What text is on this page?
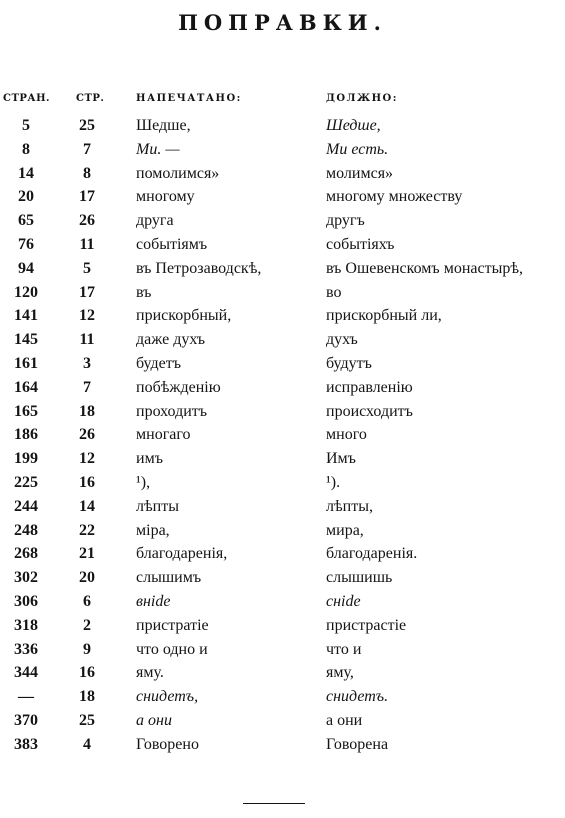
ПОПРАВКИ.
СТРАН.	СТР.	НАПЕЧАТАНО:	ДОЛЖНО:
5	25	Шедше,	Шедше,
8	7	Ми. —	Ми есть.
14	8	помолимся»	молимся»
20	17	многому	многому множеству
65	26	друга	другъ
76	11	событіямъ	событіяхъ
94	5	въ Петрозаводскѣ,	въ Ошевенскомъ монастырѣ,
120	17	въ	во
141	12	прискорбный,	прискорбный ли,
145	11	даже духъ	духъ
161	3	будетъ	будутъ
164	7	побѣжденію	исправленію
165	18	проходитъ	происходитъ
186	26	многаго	много
199	12	имъ	Имъ
225	16	¹),	¹).
244	14	лѣпты	лѣпты,
248	22	міра,	мира,
268	21	благодаренія,	благодаренія.
302	20	слышимъ	слышишь
306	6	внide	снide
318	2	пристратіе	пристрастіе
336	9	что одно и	что и
344	16	яму.	яму,
—	18	снидетъ,	снидетъ.
370	25	а они	а они
383	4	Говорено	Говорена
